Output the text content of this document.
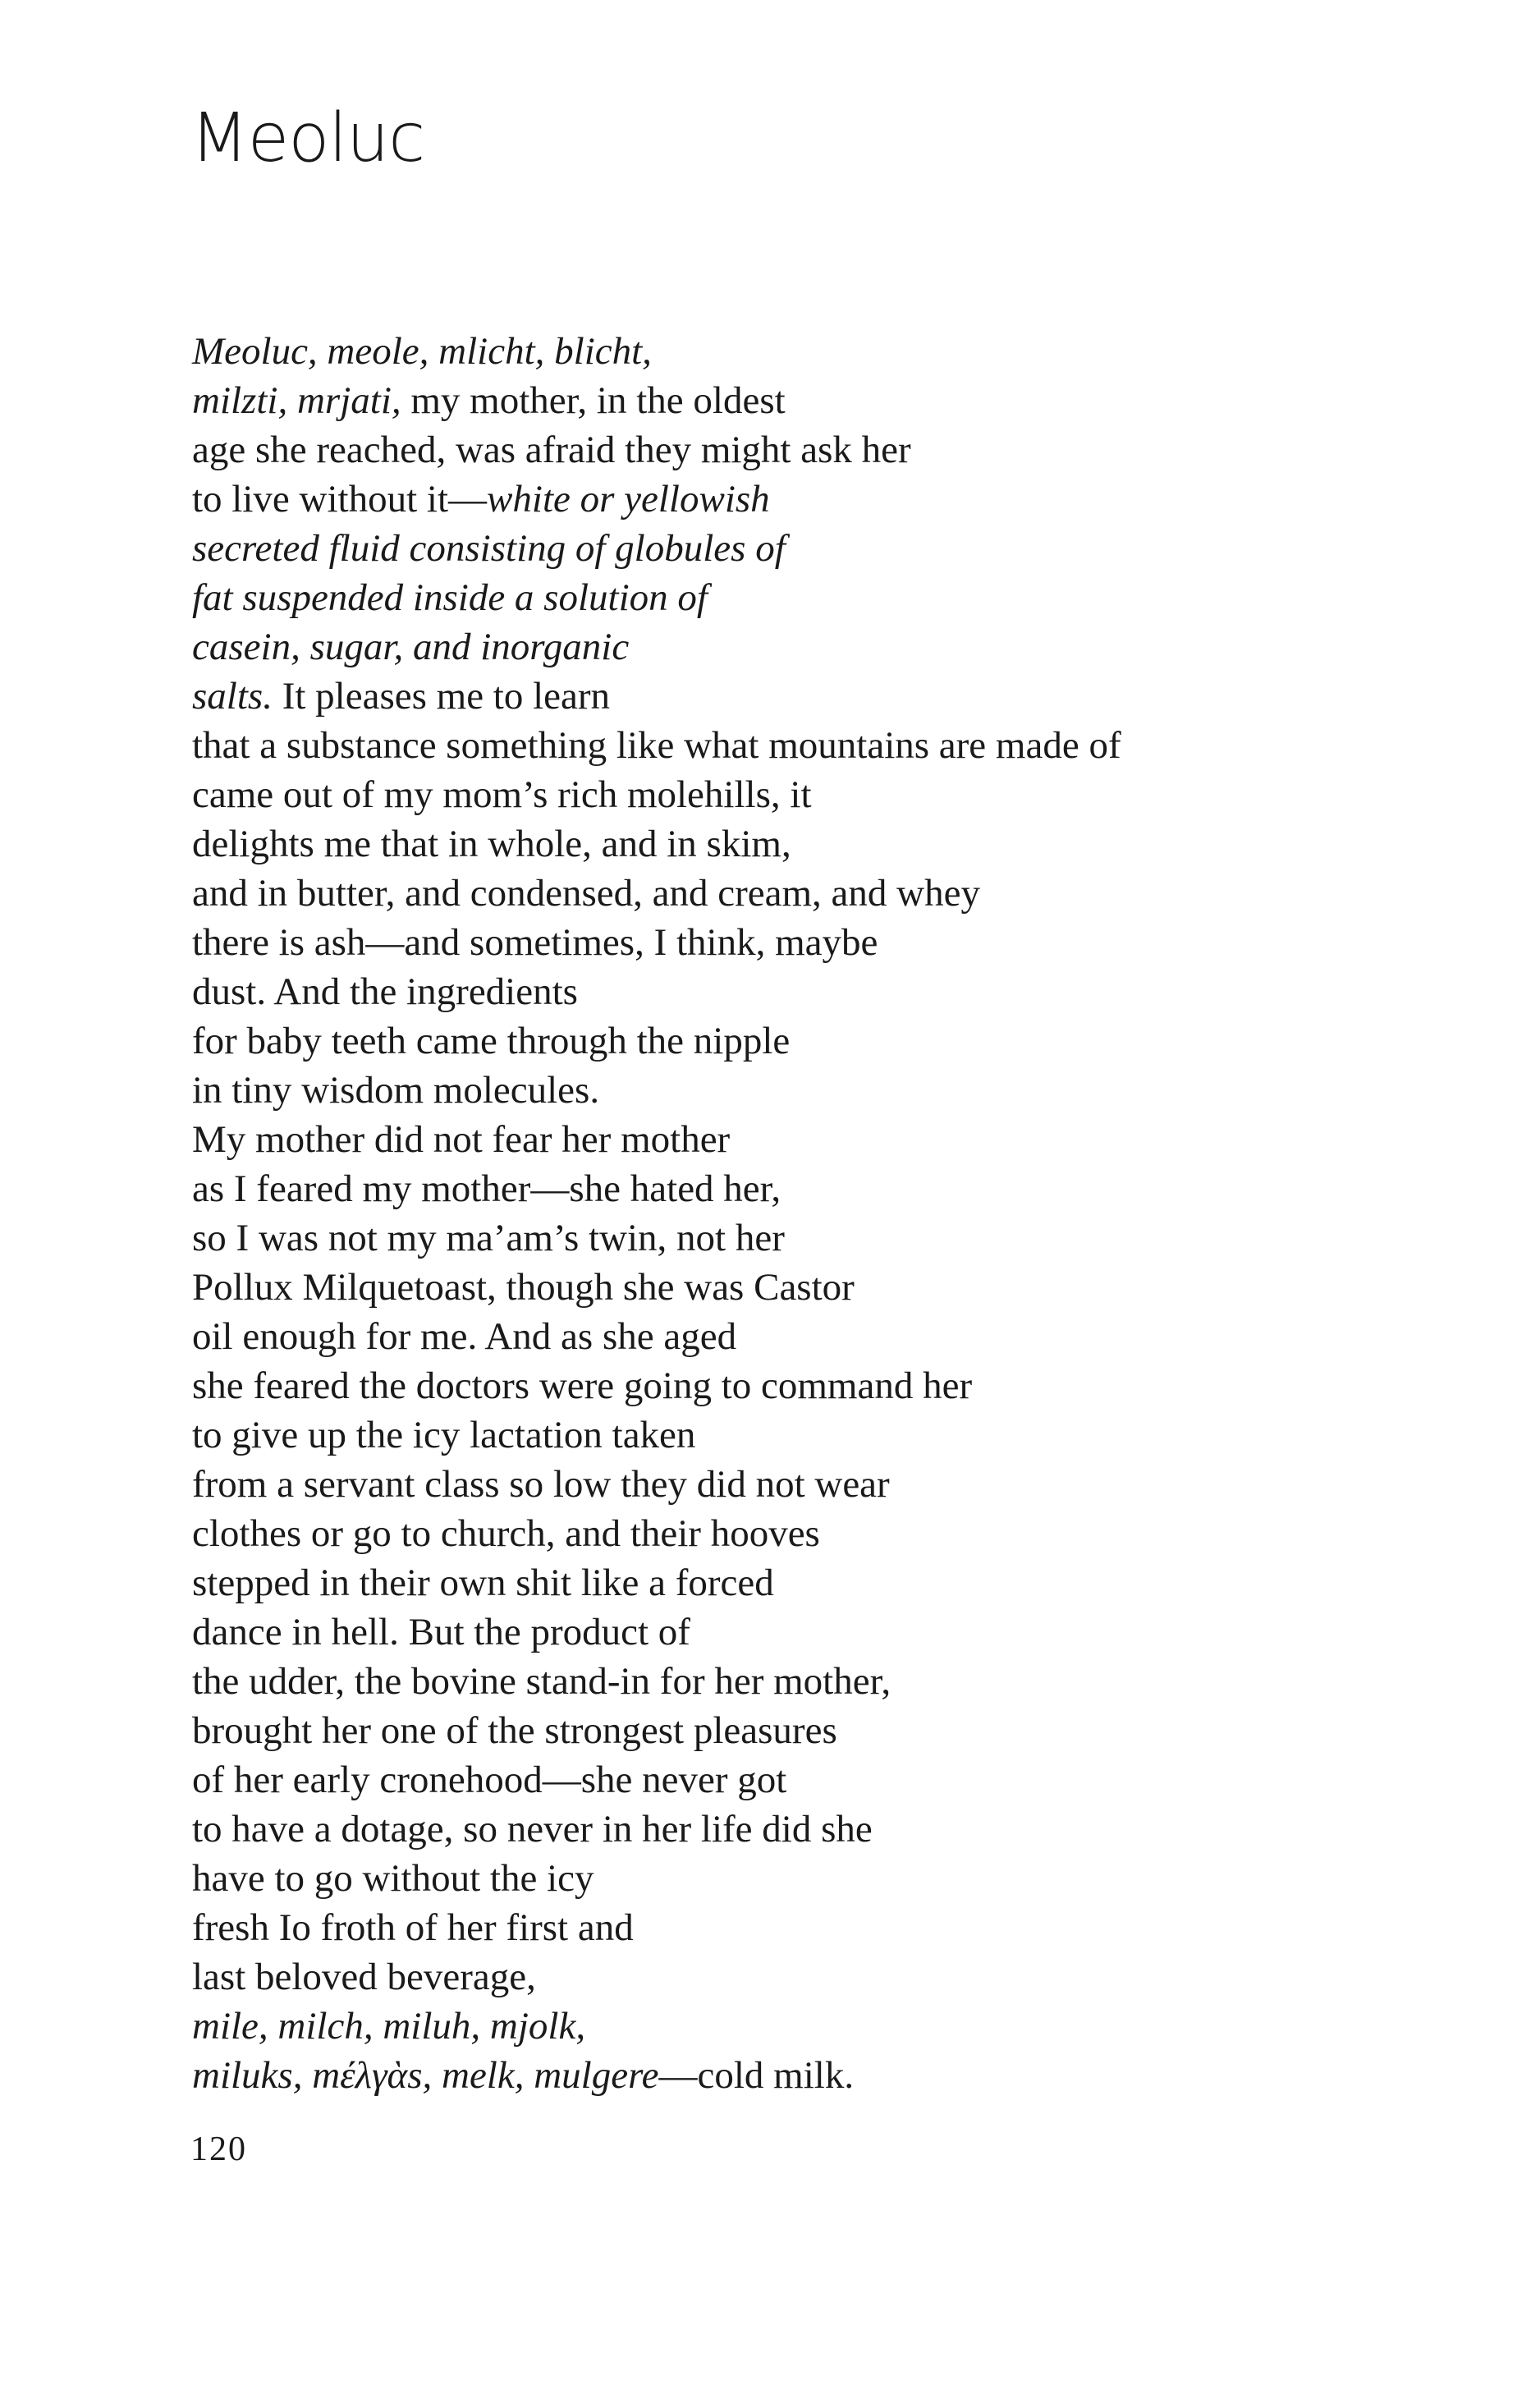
Meoluc
Meoluc, meole, mlicht, blicht,
milzti, mrjati, my mother, in the oldest
age she reached, was afraid they might ask her
to live without it—white or yellowish
secreted fluid consisting of globules of
fat suspended inside a solution of
casein, sugar, and inorganic
salts. It pleases me to learn
that a substance something like what mountains are made of
came out of my mom’s rich molehills, it
delights me that in whole, and in skim,
and in butter, and condensed, and cream, and whey
there is ash—and sometimes, I think, maybe
dust. And the ingredients
for baby teeth came through the nipple
in tiny wisdom molecules.
My mother did not fear her mother
as I feared my mother—she hated her,
so I was not my ma’am’s twin, not her
Pollux Milquetoast, though she was Castor
oil enough for me. And as she aged
she feared the doctors were going to command her
to give up the icy lactation taken
from a servant class so low they did not wear
clothes or go to church, and their hooves
stepped in their own shit like a forced
dance in hell. But the product of
the udder, the bovine stand-in for her mother,
brought her one of the strongest pleasures
of her early cronehood—she never got
to have a dotage, so never in her life did she
have to go without the icy
fresh Io froth of her first and
last beloved beverage,
mile, milch, miluh, mjolk,
miluks, mέλγὰs, melk, mulgere—cold milk.

120
